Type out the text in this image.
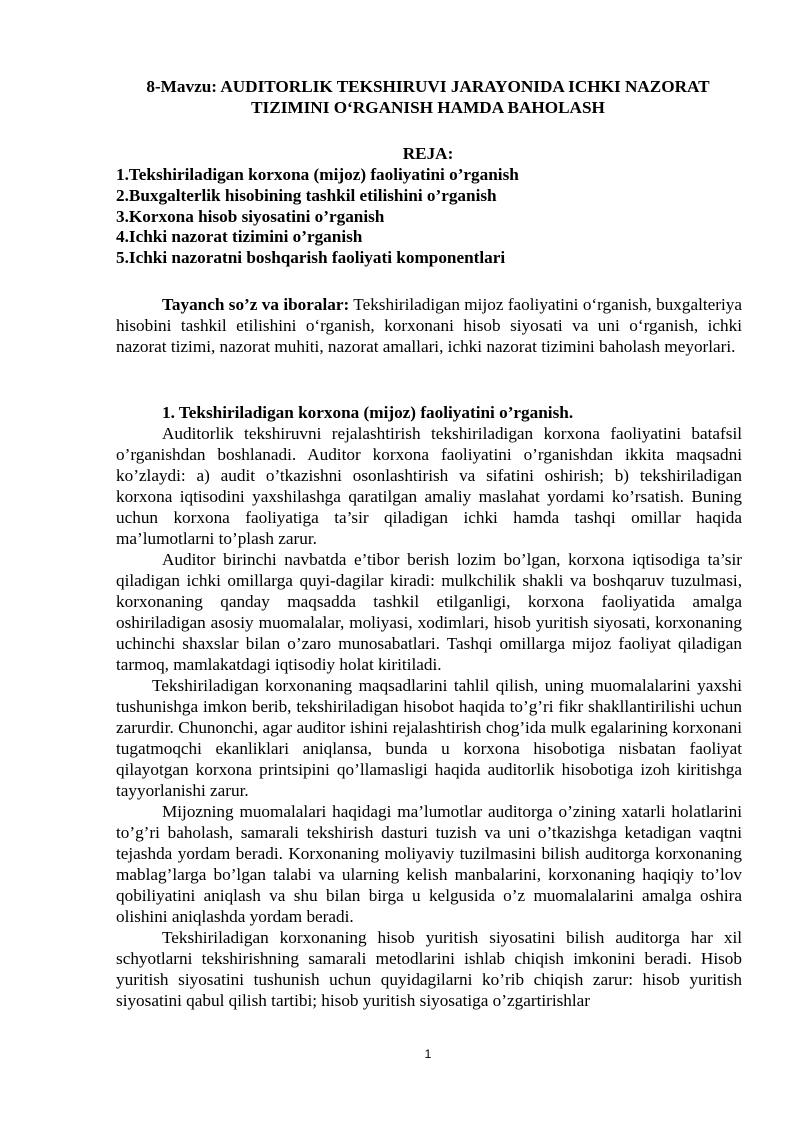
8-Mavzu: AUDITORLIK TEKSHIRUVI JARAYONIDA ICHKI NAZORAT
TIZIMINI O‘RGANISH HAMDA BAHOLASH
REJA:
1.Tekshiriladigan korxona (mijoz) faoliyatini o’rganish
2.Buxgalterlik hisobining tashkil etilishini o’rganish
3.Korxona hisob siyosatini o’rganish
4.Ichki nazorat tizimini o’rganish
5.Ichki nazoratni boshqarish faoliyati komponentlari

Tayanch so’z va iboralar: Tekshiriladigan mijoz faoliyatini o‘rganish, buxgalteriya hisobini tashkil etilishini o‘rganish, korxonani hisob siyosati va uni o‘rganish, ichki nazorat tizimi, nazorat muhiti, nazorat amallari, ichki nazorat tizimini baholash meyorlari.

1. Tekshiriladigan korxona (mijoz) faoliyatini o’rganish.

Auditorlik tekshiruvni rejalashtirish tekshiriladigan korxona faoliyatini batafsil o’rganishdan boshlanadi. Auditor korxona faoliyatini o’rganishdan ikkita maqsadni ko’zlaydi: a) audit o’tkazishni osonlashtirish va sifatini oshirish; b) tekshiriladigan korxona iqtisodini yaxshilashga qaratilgan amaliy maslahat yordami ko’rsatish. Buning uchun korxona faoliyatiga ta’sir qiladigan ichki hamda tashqi omillar haqida ma’lumotlarni to’plash zarur.

Auditor birinchi navbatda e’tibor berish lozim bo’lgan, korxona iqtisodiga ta’sir qiladigan ichki omillarga quyi-dagilar kiradi: mulkchilik shakli va boshqaruv tuzulmasi, korxonaning qanday maqsadda tashkil etilganligi, korxona faoliyatida amalga oshiriladigan asosiy muomalalar, moliyasi, xodimlari, hisob yuritish siyosati, korxonaning uchinchi shaxslar bilan o’zaro munosabatlari. Tashqi omillarga mijoz faoliyat qiladigan tarmoq, mamlakatdagi iqtisodiy holat kiritiladi.

Tekshiriladigan korxonaning maqsadlarini tahlil qilish, uning muomalalarini yaxshi tushunishga imkon berib, tekshiriladigan hisobot haqida to’g’ri fikr shakllantirilishi uchun zarurdir. Chunonchi, agar auditor ishini rejalashtirish chog’ida mulk egalarining korxonani tugatmoqchi ekanliklari aniqlansa, bunda u korxona hisobotiga nisbatan faoliyat qilayotgan korxona printsipini qo’llamasligi haqida auditorlik hisobotiga izoh kiritishga tayyorlanishi zarur.

Mijozning muomalalari haqidagi ma’lumotlar auditorga o’zining xatarli holatlarini to’g’ri baholash, samarali tekshirish dasturi tuzish va uni o’tkazishga ketadigan vaqtni tejashda yordam beradi. Korxonaning moliyaviy tuzilmasini bilish auditorga korxonaning mablag’larga bo’lgan talabi va ularning kelish manbalarini, korxonaning haqiqiy to’lov qobiliyatini aniqlash va shu bilan birga u kelgusida o’z muomalalarini amalga oshira olishini aniqlashda yordam beradi.

Tekshiriladigan korxonaning hisob yuritish siyosatini bilish auditorga har xil schyotlarni tekshirishning samarali metodlarini ishlab chiqish imkonini beradi. Hisob yuritish siyosatini tushunish uchun quyidagilarni ko’rib chiqish zarur: hisob yuritish siyosatini qabul qilish tartibi; hisob yuritish siyosatiga o’zgartirishlar

1
